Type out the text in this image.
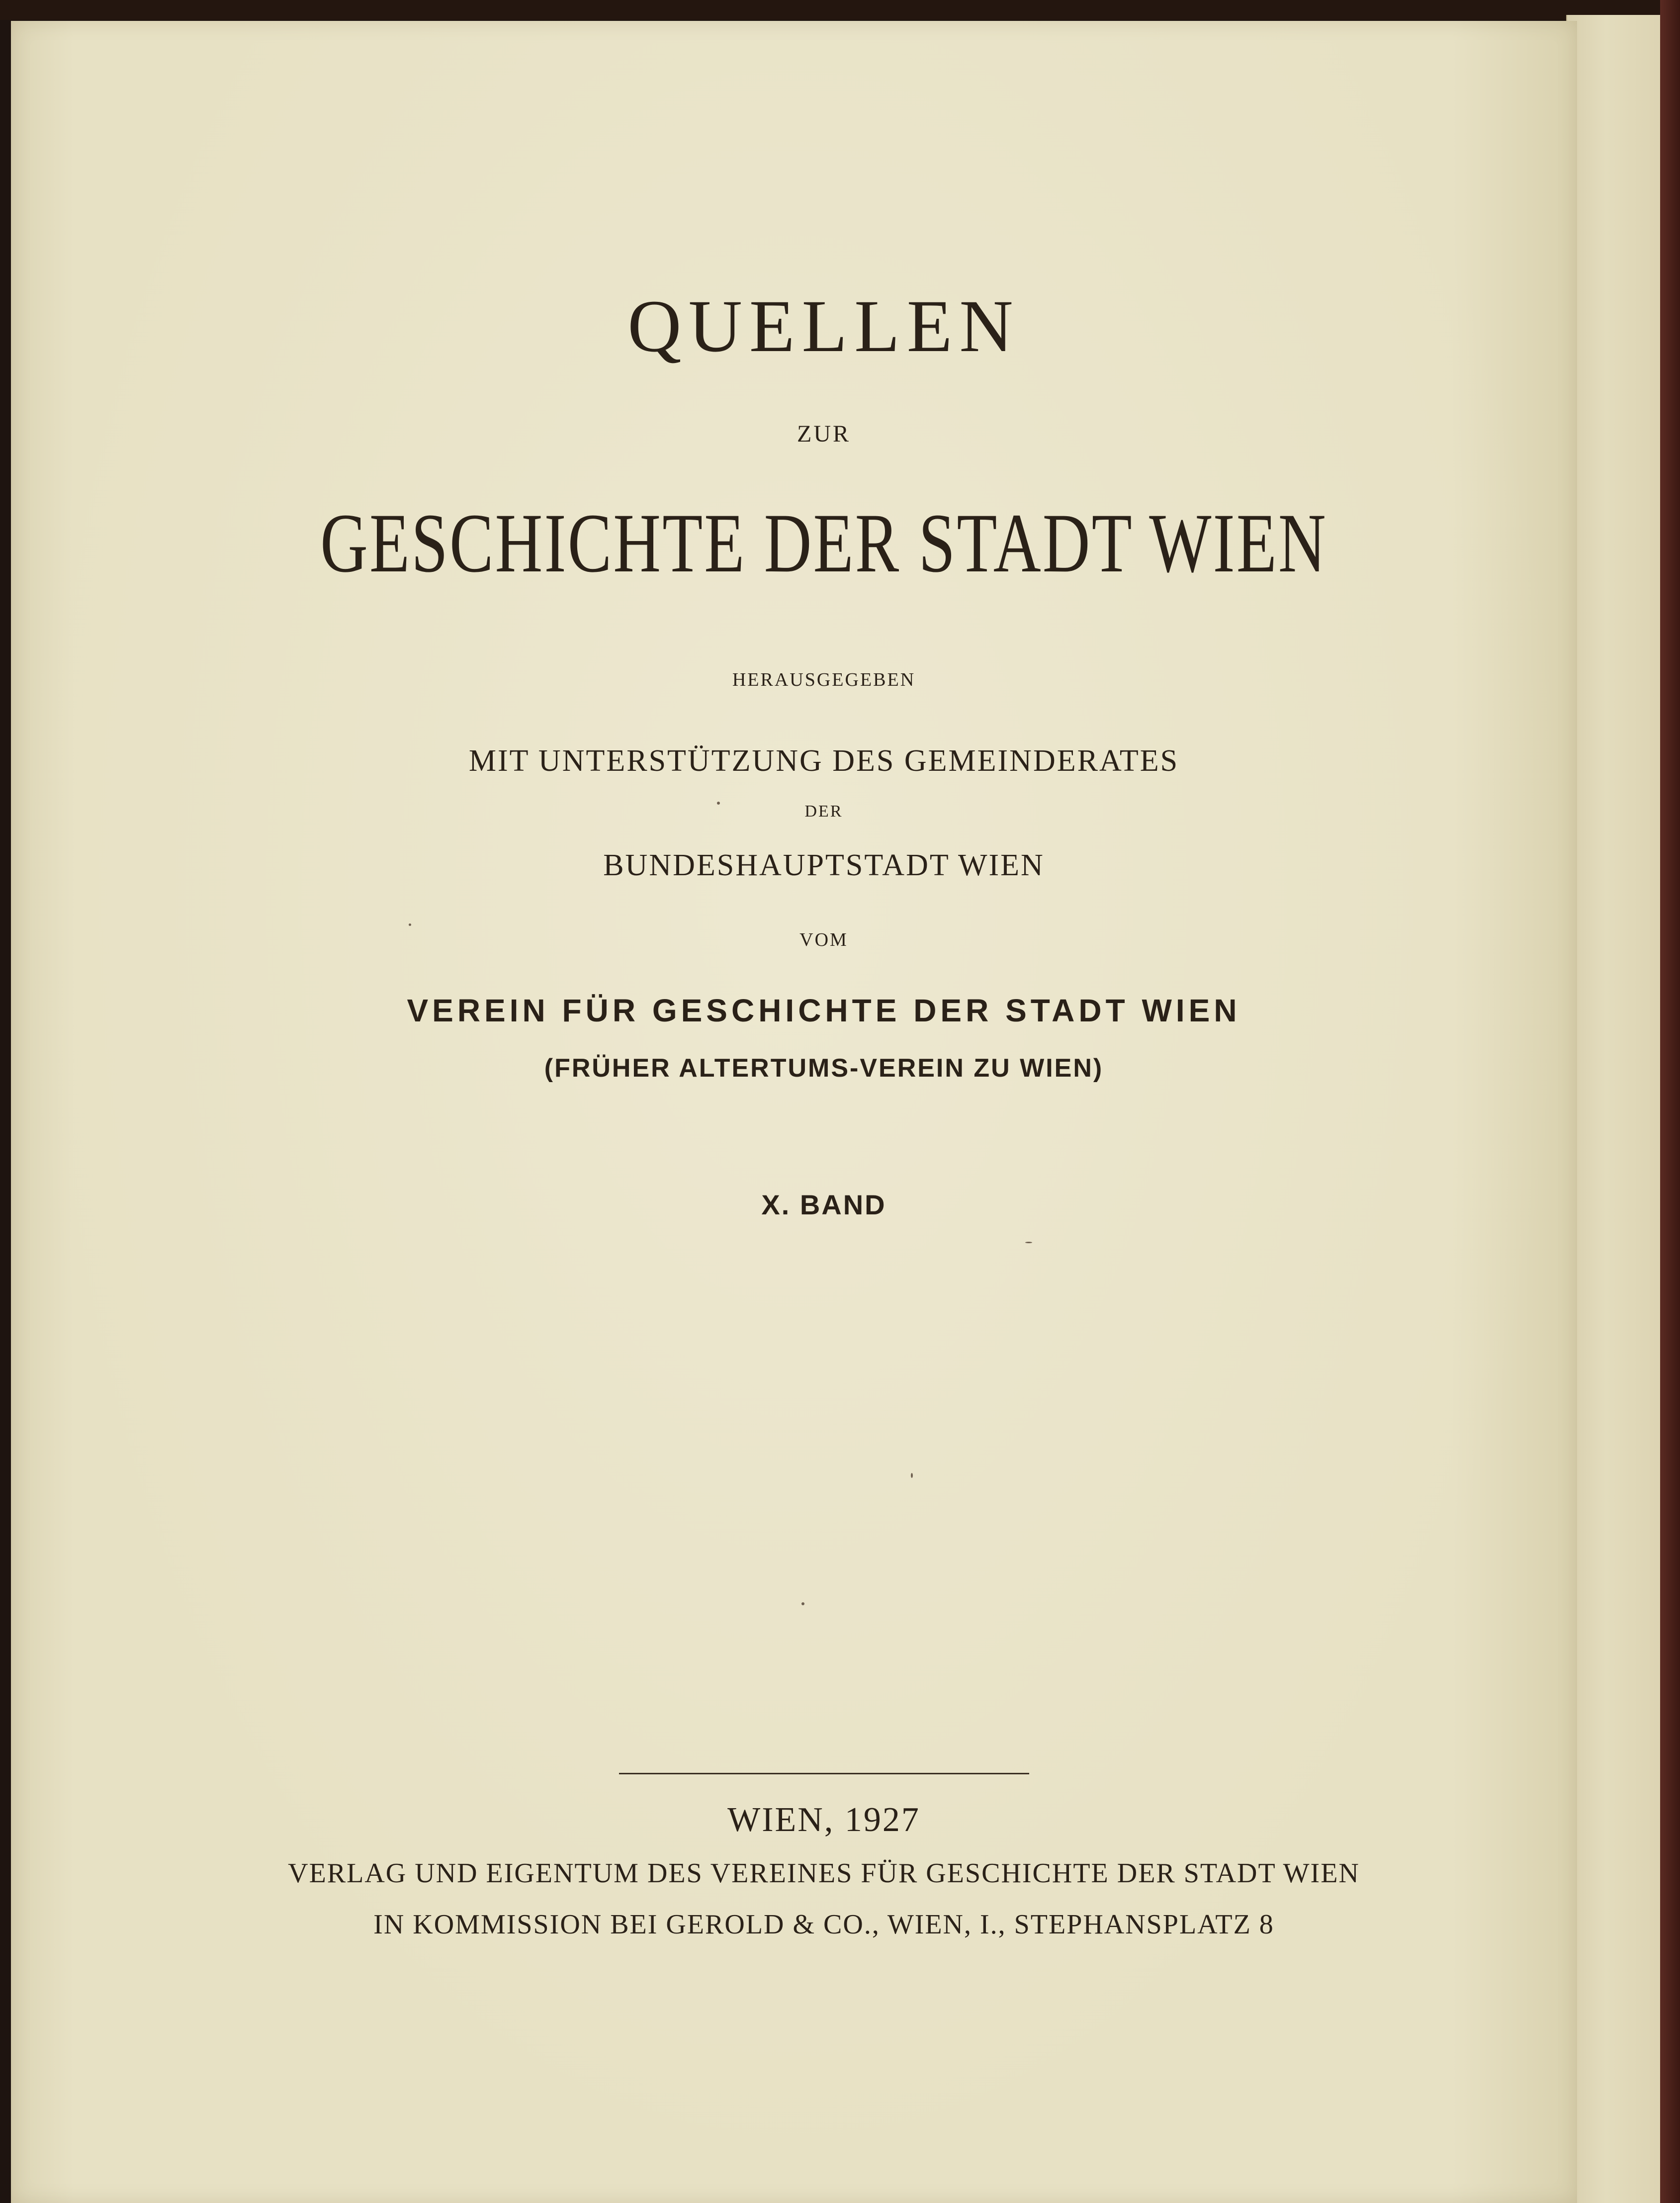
QUELLEN

ZUR

GESCHICHTE DER STADT WIEN

HERAUSGEGEBEN

MIT UNTERSTÜTZUNG DES GEMEINDERATES

DER

BUNDESHAUPTSTADT WIEN

VOM

VEREIN FÜR GESCHICHTE DER STADT WIEN

(FRÜHER ALTERTUMS-VEREIN ZU WIEN)

X. BAND

WIEN, 1927

VERLAG UND EIGENTUM DES VEREINES FÜR GESCHICHTE DER STADT WIEN

IN KOMMISSION BEI GEROLD & CO., WIEN, I., STEPHANSPLATZ 8
